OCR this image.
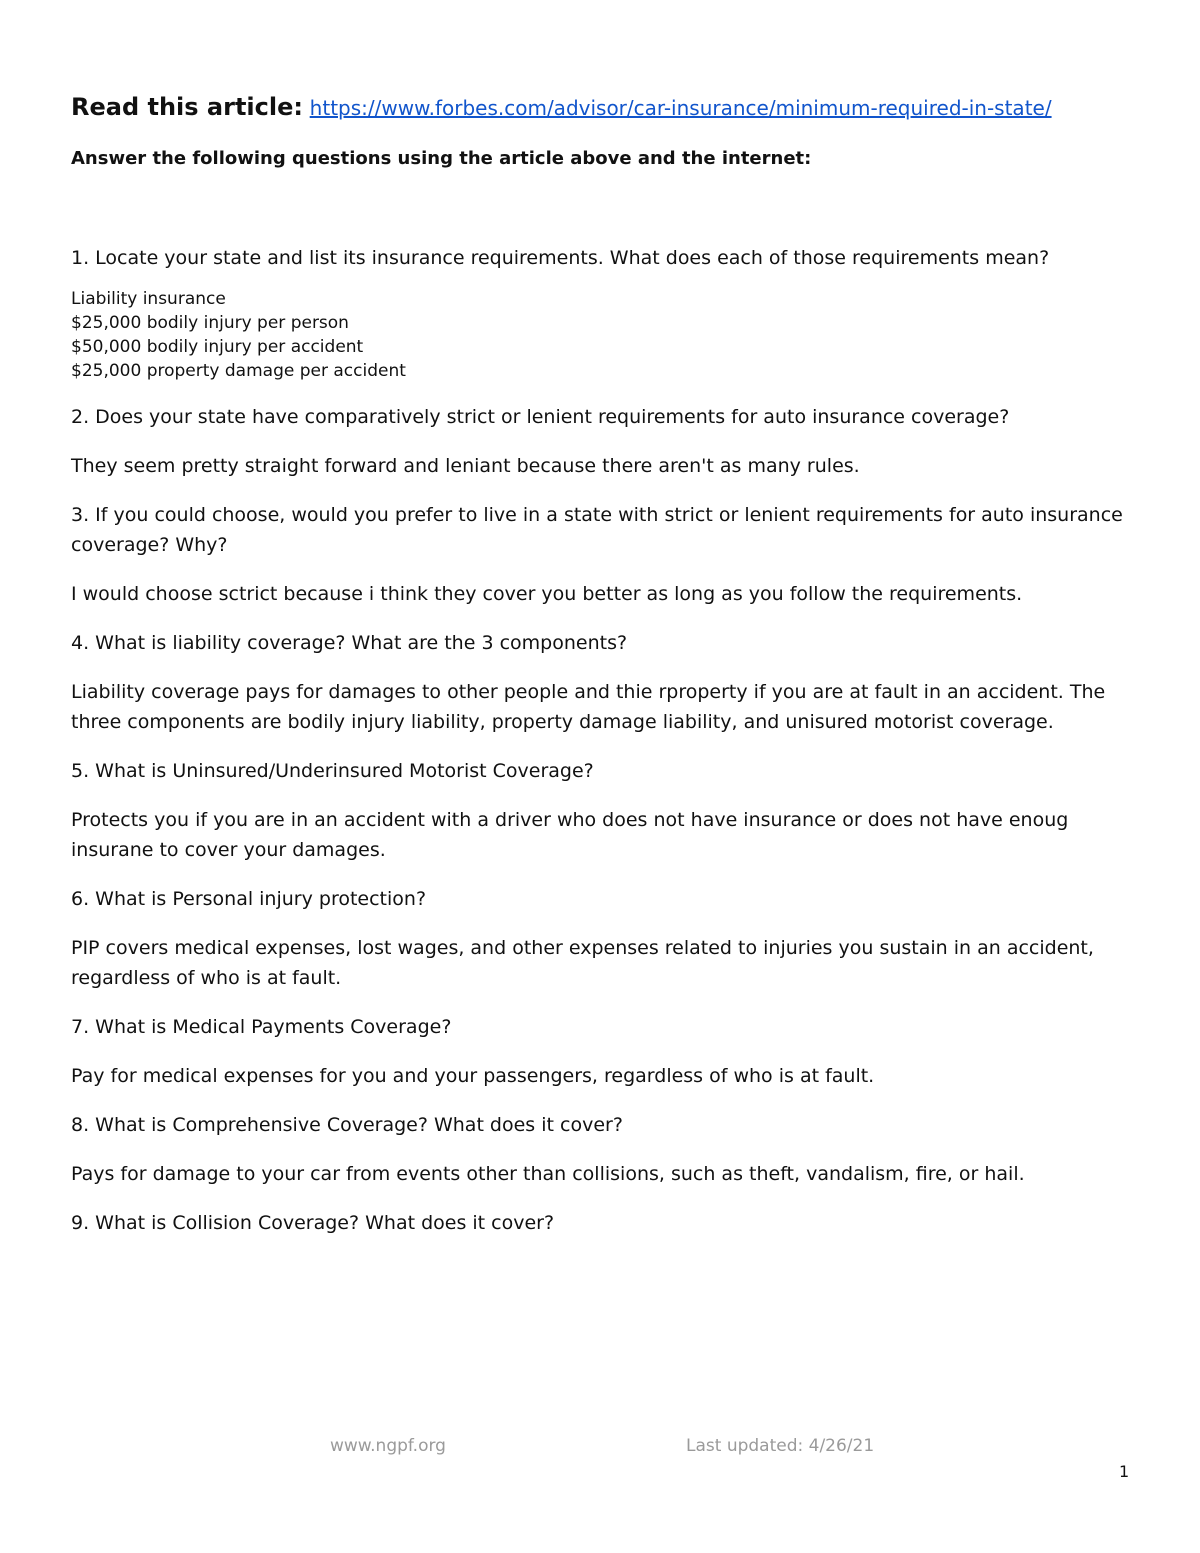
Read this article: https://www.forbes.com/advisor/car-insurance/minimum-required-in-state/

Answer the following questions using the article above and the internet:

1. Locate your state and list its insurance requirements. What does each of those requirements mean?

Liability insurance
$25,000 bodily injury per person
$50,000 bodily injury per accident
$25,000 property damage per accident

2. Does your state have comparatively strict or lenient requirements for auto insurance coverage?

They seem pretty straight forward and leniant because there aren't as many rules.

3. If you could choose, would you prefer to live in a state with strict or lenient requirements for auto insurance coverage? Why?

I would choose sctrict because i think they cover you better as long as you follow the requirements.

4. What is liability coverage? What are the 3 components?

Liability coverage pays for damages to other people and thie rproperty if you are at fault in an accident. The three components are bodily injury liability, property damage liability, and unisured motorist coverage.

5. What is Uninsured/Underinsured Motorist Coverage?

Protects you if you are in an accident with a driver who does not have insurance or does not have enoug insurane to cover your damages.

6. What is Personal injury protection?

PIP covers medical expenses, lost wages, and other expenses related to injuries you sustain in an accident, regardless of who is at fault.

7. What is Medical Payments Coverage?

Pay for medical expenses for you and your passengers, regardless of who is at fault.

8. What is Comprehensive Coverage? What does it cover?

Pays for damage to your car from events other than collisions, such as theft, vandalism, fire, or hail.

9. What is Collision Coverage? What does it cover?

www.ngpf.org	Last updated: 4/26/21
1
